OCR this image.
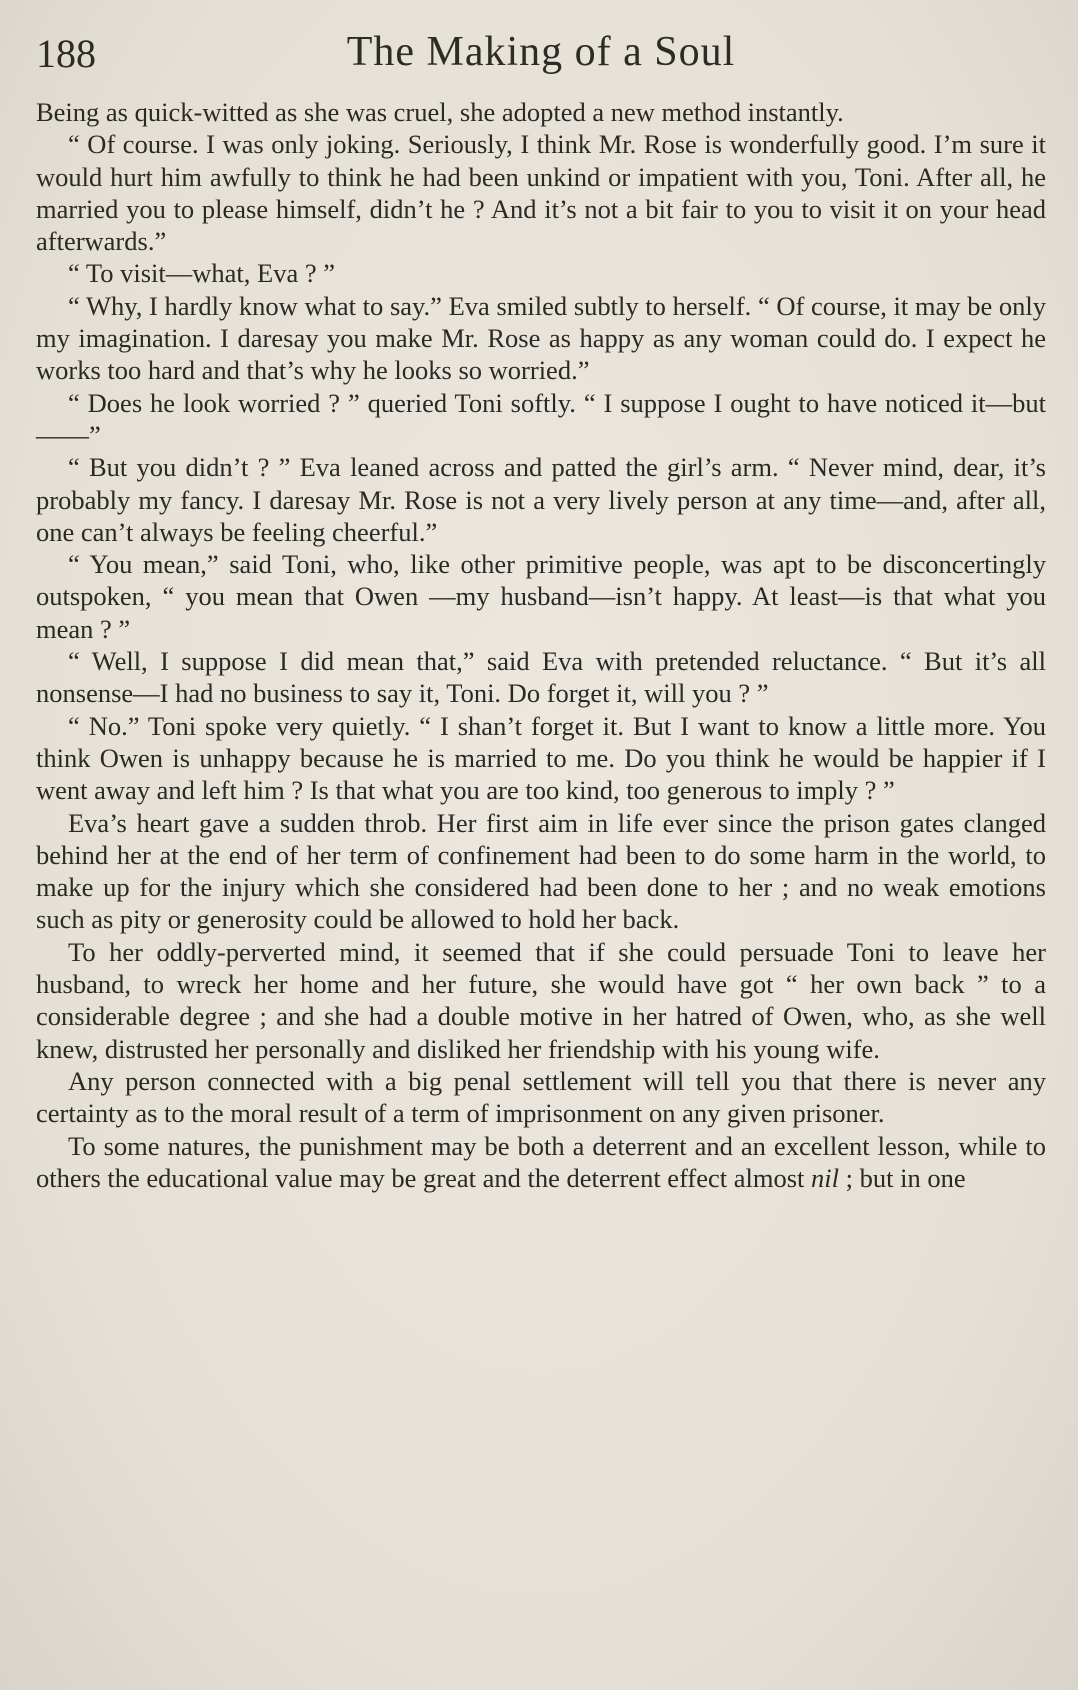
188	The Making of a Soul

Being as quick-witted as she was cruel, she adopted a new method instantly.

“ Of course. I was only joking. Seriously, I think Mr. Rose is wonderfully good. I’m sure it would hurt him awfully to think he had been unkind or impatient with you, Toni. After all, he married you to please himself, didn’t he ? And it’s not a bit fair to you to visit it on your head afterwards.”

“ To visit—what, Eva ? ”

“ Why, I hardly know what to say.” Eva smiled subtly to herself. “ Of course, it may be only my imagination. I daresay you make Mr. Rose as happy as any woman could do. I expect he works too hard and that’s why he looks so worried.”

“ Does he look worried ? ” queried Toni softly. “ I suppose I ought to have noticed it—but——”

“ But you didn’t ? ” Eva leaned across and patted the girl’s arm. “ Never mind, dear, it’s probably my fancy. I daresay Mr. Rose is not a very lively person at any time—and, after all, one can’t always be feeling cheerful.”

“ You mean,” said Toni, who, like other primitive people, was apt to be disconcertingly outspoken, “ you mean that Owen —my husband—isn’t happy. At least—is that what you mean ? ”

“ Well, I suppose I did mean that,” said Eva with pretended reluctance. “ But it’s all nonsense—I had no business to say it, Toni. Do forget it, will you ? ”

“ No.” Toni spoke very quietly. “ I shan’t forget it. But I want to know a little more. You think Owen is unhappy because he is married to me. Do you think he would be happier if I went away and left him ? Is that what you are too kind, too generous to imply ? ”

Eva’s heart gave a sudden throb. Her first aim in life ever since the prison gates clanged behind her at the end of her term of confinement had been to do some harm in the world, to make up for the injury which she considered had been done to her ; and no weak emotions such as pity or generosity could be allowed to hold her back.

To her oddly-perverted mind, it seemed that if she could persuade Toni to leave her husband, to wreck her home and her future, she would have got “ her own back ” to a considerable degree ; and she had a double motive in her hatred of Owen, who, as she well knew, distrusted her personally and disliked her friendship with his young wife.

Any person connected with a big penal settlement will tell you that there is never any certainty as to the moral result of a term of imprisonment on any given prisoner.

To some natures, the punishment may be both a deterrent and an excellent lesson, while to others the educational value may be great and the deterrent effect almost nil ; but in one
